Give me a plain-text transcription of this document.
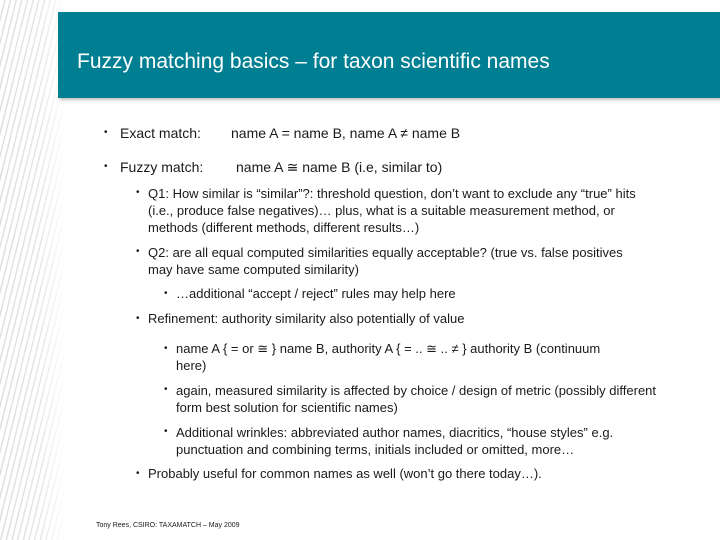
Fuzzy matching basics – for taxon scientific names
• Exact match: name A = name B, name A ≠ name B
• Fuzzy match: name A ≅ name B (i.e, similar to)
• Q1: How similar is “similar”?: threshold question, don’t want to exclude any “true” hits (i.e., produce false negatives)… plus, what is a suitable measurement method, or methods (different methods, different results…)
• Q2: are all equal computed similarities equally acceptable? (true vs. false positives may have same computed similarity)
• …additional “accept / reject” rules may help here
• Refinement: authority similarity also potentially of value
• name A { = or ≅ } name B, authority A { = .. ≅ .. ≠ } authority B (continuum
here)
• again, measured similarity is affected by choice / design of metric (possibly different form best solution for scientific names)
• Additional wrinkles: abbreviated author names, diacritics, “house styles” e.g. punctuation and combining terms, initials included or omitted, more…
• Probably useful for common names as well (won’t go there today…).
Tony Rees, CSIRO: TAXAMATCH – May 2009
